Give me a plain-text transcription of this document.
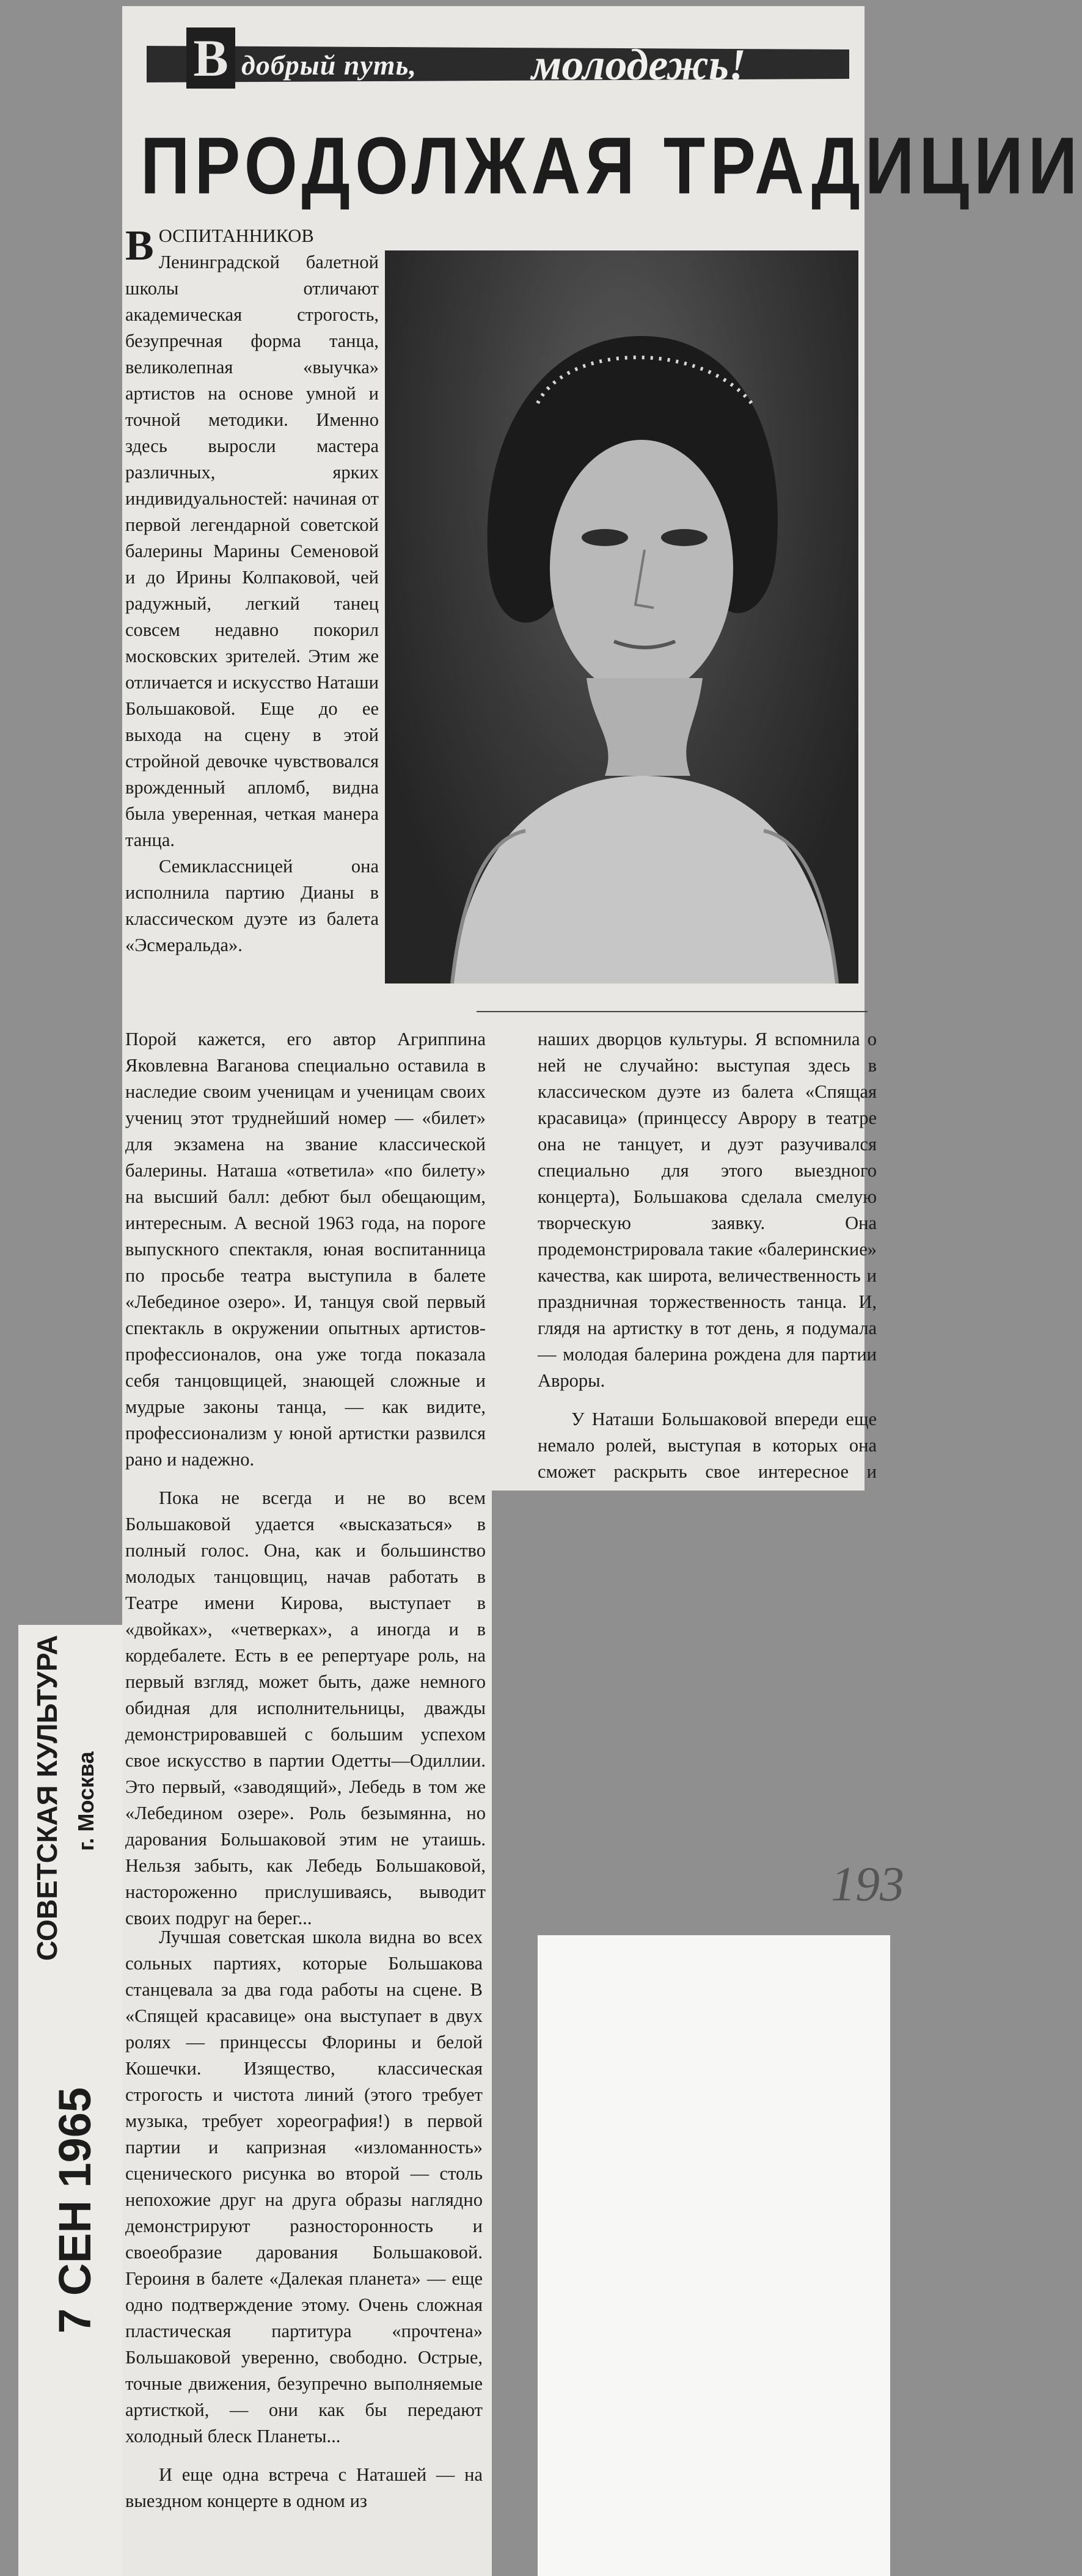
В добрый путь,	молодежь!
ПРОДОЛЖАЯ ТРАДИЦИИ

ВОСПИТАННИКОВ Ленинградской балетной школы отличают академическая строгость, безупречная форма танца, великолепная «выучка» артистов на основе умной и точной методики. Именно здесь выросли мастера различных, ярких индивидуальностей: начиная от первой легендарной советской балерины Марины Семеновой и до Ирины Колпаковой, чей радужный, легкий танец совсем недавно покорил московских зрителей. Этим же отличается и искусство Наташи Большаковой. Еще до ее выхода на сцену в этой стройной девочке чувствовался врожденный апломб, видна была уверенная, четкая манера танца.

Семиклассницей она исполнила партию Дианы в классическом дуэте из балета «Эсмеральда».

Порой кажется, его автор Агриппина Яковлевна Ваганова специально оставила в наследие своим ученицам и ученицам своих учениц этот труднейший номер — «билет» для экзамена на звание классической балерины. Наташа «ответила» «по билету» на высший балл: дебют был обещающим, интересным. А весной 1963 года, на пороге выпускного спектакля, юная воспитанница по просьбе театра выступила в балете «Лебединое озеро». И, танцуя свой первый спектакль в окружении опытных артистов-профессионалов, она уже тогда показала себя танцовщицей, знающей сложные и мудрые законы танца, — как видите, профессионализм у юной артистки развился рано и надежно.

Пока не всегда и не во всем Большаковой удается «высказаться» в полный голос. Она, как и большинство молодых танцовщиц, начав работать в Театре имени Кирова, выступает в «двойках», «четверках», а иногда и в кордебалете. Есть в ее репертуаре роль, на первый взгляд, может быть, даже немного обидная для исполнительницы, дважды демонстрировавшей с большим успехом свое искусство в партии Одетты—Одиллии. Это первый, «заводящий», Лебедь в том же «Лебедином озере». Роль безымянна, но дарования Большаковой этим не утаишь. Нельзя забыть, как Лебедь Большаковой, настороженно прислушиваясь, выводит своих подруг на берег...

наших дворцов культуры. Я вспомнила о ней не случайно: выступая здесь в классическом дуэте из балета «Спящая красавица» (принцессу Аврору в театре она не танцует, и дуэт разучивался специально для этого выездного концерта), Большакова сделала смелую творческую заявку. Она продемонстрировала такие «балеринские» качества, как широта, величественность и праздничная торжественность танца. И, глядя на артистку в тот день, я подумала — молодая балерина рождена для партии Авроры.

У Наташи Большаковой впереди еще немало ролей, выступая в которых она сможет раскрыть свое интересное и

Лучшая советская школа видна во всех сольных партиях, которые Большакова станцевала за два года работы на сцене. В «Спящей красавице» она выступает в двух ролях — принцессы Флорины и белой Кошечки. Изящество, классическая строгость и чистота линий (этого требует музыка, требует хореография!) в первой партии и капризная «изломанность» сценического рисунка во второй — столь непохожие друг на друга образы наглядно демонстрируют разносторонность и своеобразие дарования Большаковой. Героиня в балете «Далекая планета» — еще одно подтверждение этому. Очень сложная пластическая партитура «прочтена» Большаковой уверенно, свободно. Острые, точные движения, безупречно выполняемые артисткой, — они как бы передают холодный блеск Планеты...

И еще одна встреча с Наташей — на выездном концерте в одном из

СОВЕТСКАЯ КУЛЬТУРА г. Москва
7 СЕН 1965
193
